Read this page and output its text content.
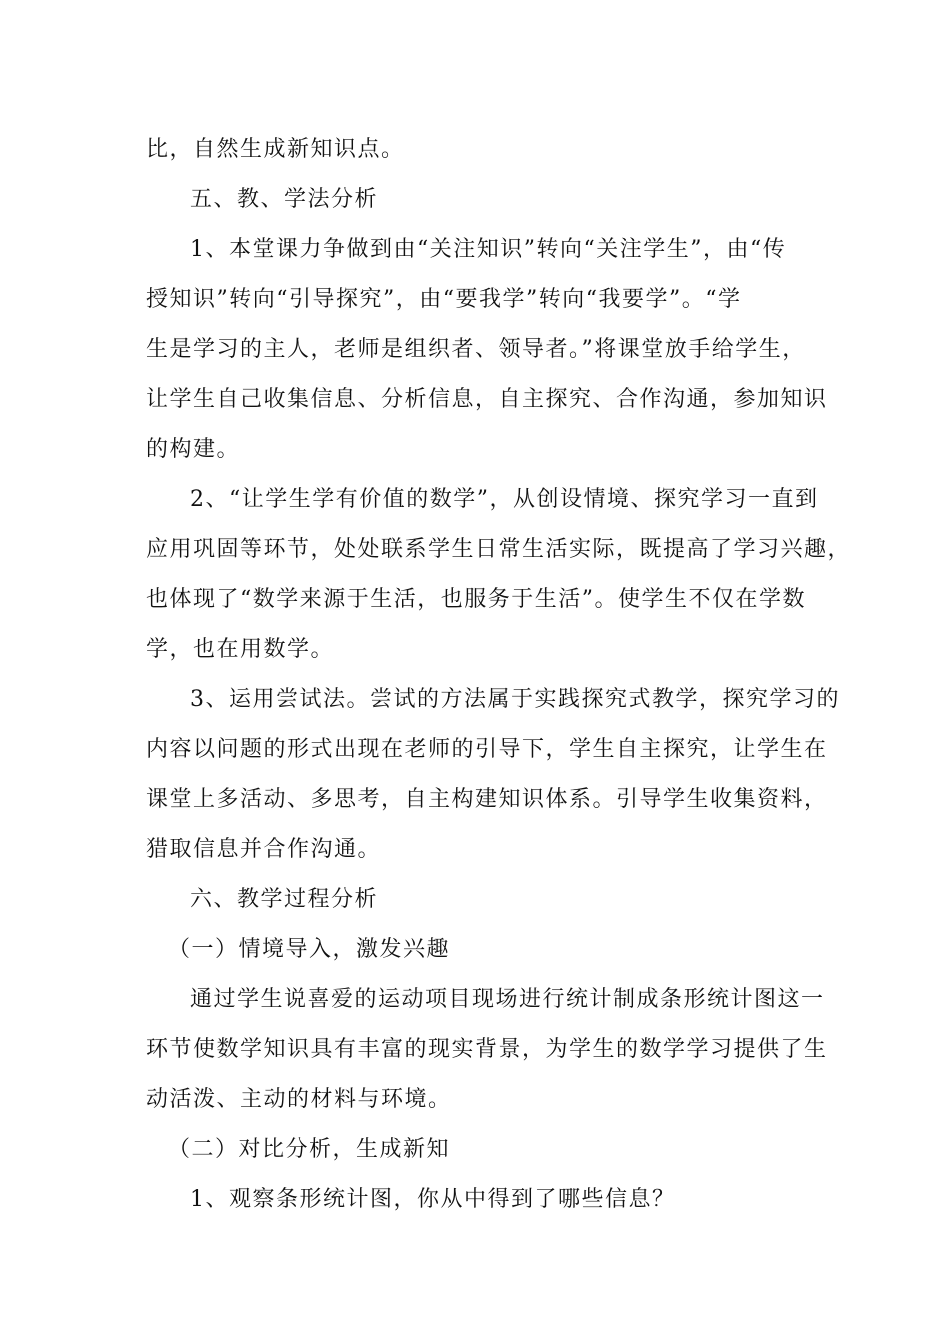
比，自然生成新知识点。

五、教、学法分析

1、本堂课力争做到由“关注知识”转向“关注学生”，由“传

授知识”转向“引导探究”，由“要我学”转向“我要学”。“学

生是学习的主人，老师是组织者、领导者。”将课堂放手给学生，

让学生自己收集信息、分析信息，自主探究、合作沟通，参加知识

的构建。

2、“让学生学有价值的数学”，从创设情境、探究学习一直到

应用巩固等环节，处处联系学生日常生活实际，既提高了学习兴趣，

也体现了“数学来源于生活，也服务于生活”。使学生不仅在学数

学，也在用数学。

3、运用尝试法。尝试的方法属于实践探究式教学，探究学习的

内容以问题的形式出现在老师的引导下，学生自主探究，让学生在

课堂上多活动、多思考，自主构建知识体系。引导学生收集资料，

猎取信息并合作沟通。

六、教学过程分析

（一）情境导入，激发兴趣

通过学生说喜爱的运动项目现场进行统计制成条形统计图这一

环节使数学知识具有丰富的现实背景，为学生的数学学习提供了生

动活泼、主动的材料与环境。

（二）对比分析，生成新知

1、观察条形统计图，你从中得到了哪些信息？
